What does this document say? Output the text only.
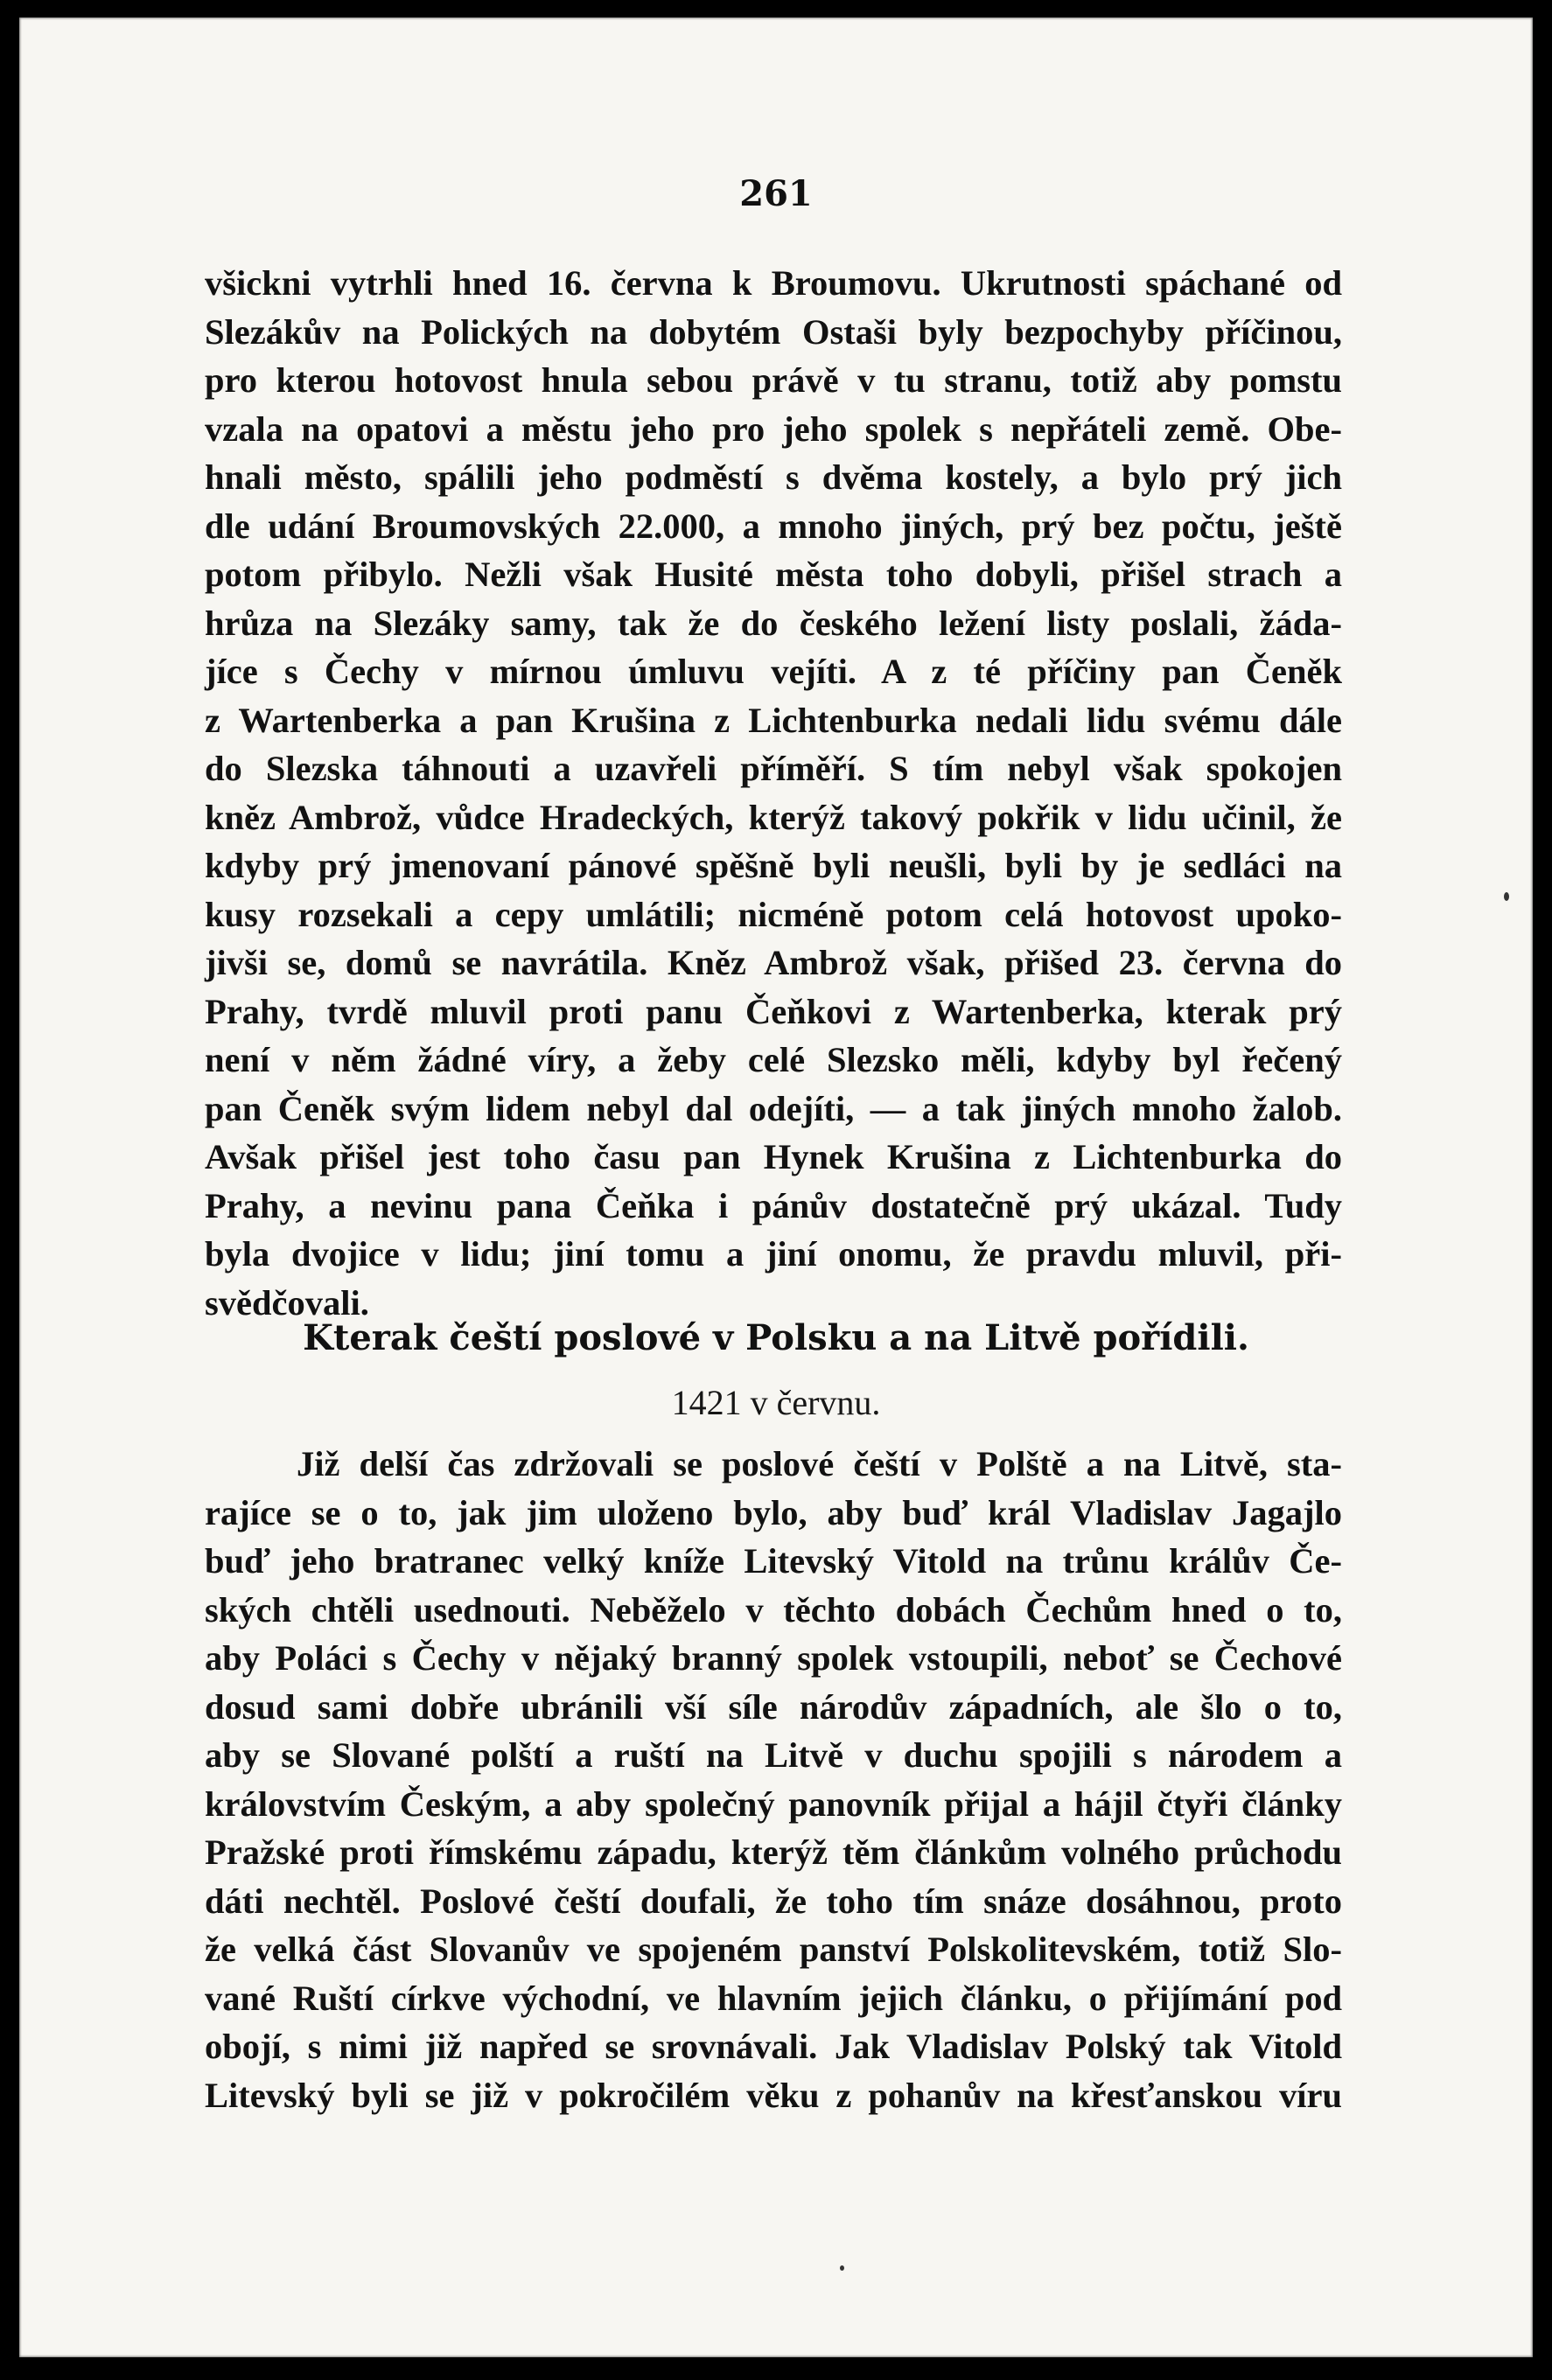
261
všickni vytrhli hned 16. června k Broumovu. Ukrutnosti spáchané od
Slezákův na Polických na dobytém Ostaši byly bezpochyby příčinou,
pro kterou hotovost hnula sebou právě v tu stranu, totiž aby pomstu
vzala na opatovi a městu jeho pro jeho spolek s nepřáteli země. Obe-
hnali město, spálili jeho podměstí s dvěma kostely, a bylo prý jich
dle udání Broumovských 22.000, a mnoho jiných, prý bez počtu, ještě
potom přibylo. Nežli však Husité města toho dobyli, přišel strach a
hrůza na Slezáky samy, tak že do českého ležení listy poslali, žáda-
jíce s Čechy v mírnou úmluvu vejíti. A z té příčiny pan Čeněk
z Wartenberka a pan Krušina z Lichtenburka nedali lidu svému dále
do Slezska táhnouti a uzavřeli příměří. S tím nebyl však spokojen
kněz Ambrož, vůdce Hradeckých, kterýž takový pokřik v lidu učinil, že
kdyby prý jmenovaní pánové spěšně byli neušli, byli by je sedláci na
kusy rozsekali a cepy umlátili; nicméně potom celá hotovost upoko-
jivši se, domů se navrátila. Kněz Ambrož však, přišed 23. června do
Prahy, tvrdě mluvil proti panu Čeňkovi z Wartenberka, kterak prý
není v něm žádné víry, a žeby celé Slezsko měli, kdyby byl řečený
pan Čeněk svým lidem nebyl dal odejíti, — a tak jiných mnoho žalob.
Avšak přišel jest toho času pan Hynek Krušina z Lichtenburka do
Prahy, a nevinu pana Čeňka i pánův dostatečně prý ukázal. Tudy
byla dvojice v lidu; jiní tomu a jiní onomu, že pravdu mluvil, při-
svědčovali.
Kterak čeští poslové v Polsku a na Litvě pořídili.
1421 v červnu.
Již delší čas zdržovali se poslové čeští v Polště a na Litvě, sta-
rajíce se o to, jak jim uloženo bylo, aby buď král Vladislav Jagajlo
buď jeho bratranec velký kníže Litevský Vitold na trůnu králův Če-
ských chtěli usednouti. Neběželo v těchto dobách Čechům hned o to,
aby Poláci s Čechy v nějaký branný spolek vstoupili, neboť se Čechové
dosud sami dobře ubránili vší síle národův západních, ale šlo o to,
aby se Slované polští a ruští na Litvě v duchu spojili s národem a
královstvím Českým, a aby společný panovník přijal a hájil čtyři články
Pražské proti římskému západu, kterýž těm článkům volného průchodu
dáti nechtěl. Poslové čeští doufali, že toho tím snáze dosáhnou, proto
že velká část Slovanův ve spojeném panství Polskolitevském, totiž Slo-
vané Ruští církve východní, ve hlavním jejich článku, o přijímání pod
obojí, s nimi již napřed se srovnávali. Jak Vladislav Polský tak Vitold
Litevský byli se již v pokročilém věku z pohanův na křesťanskou víru
